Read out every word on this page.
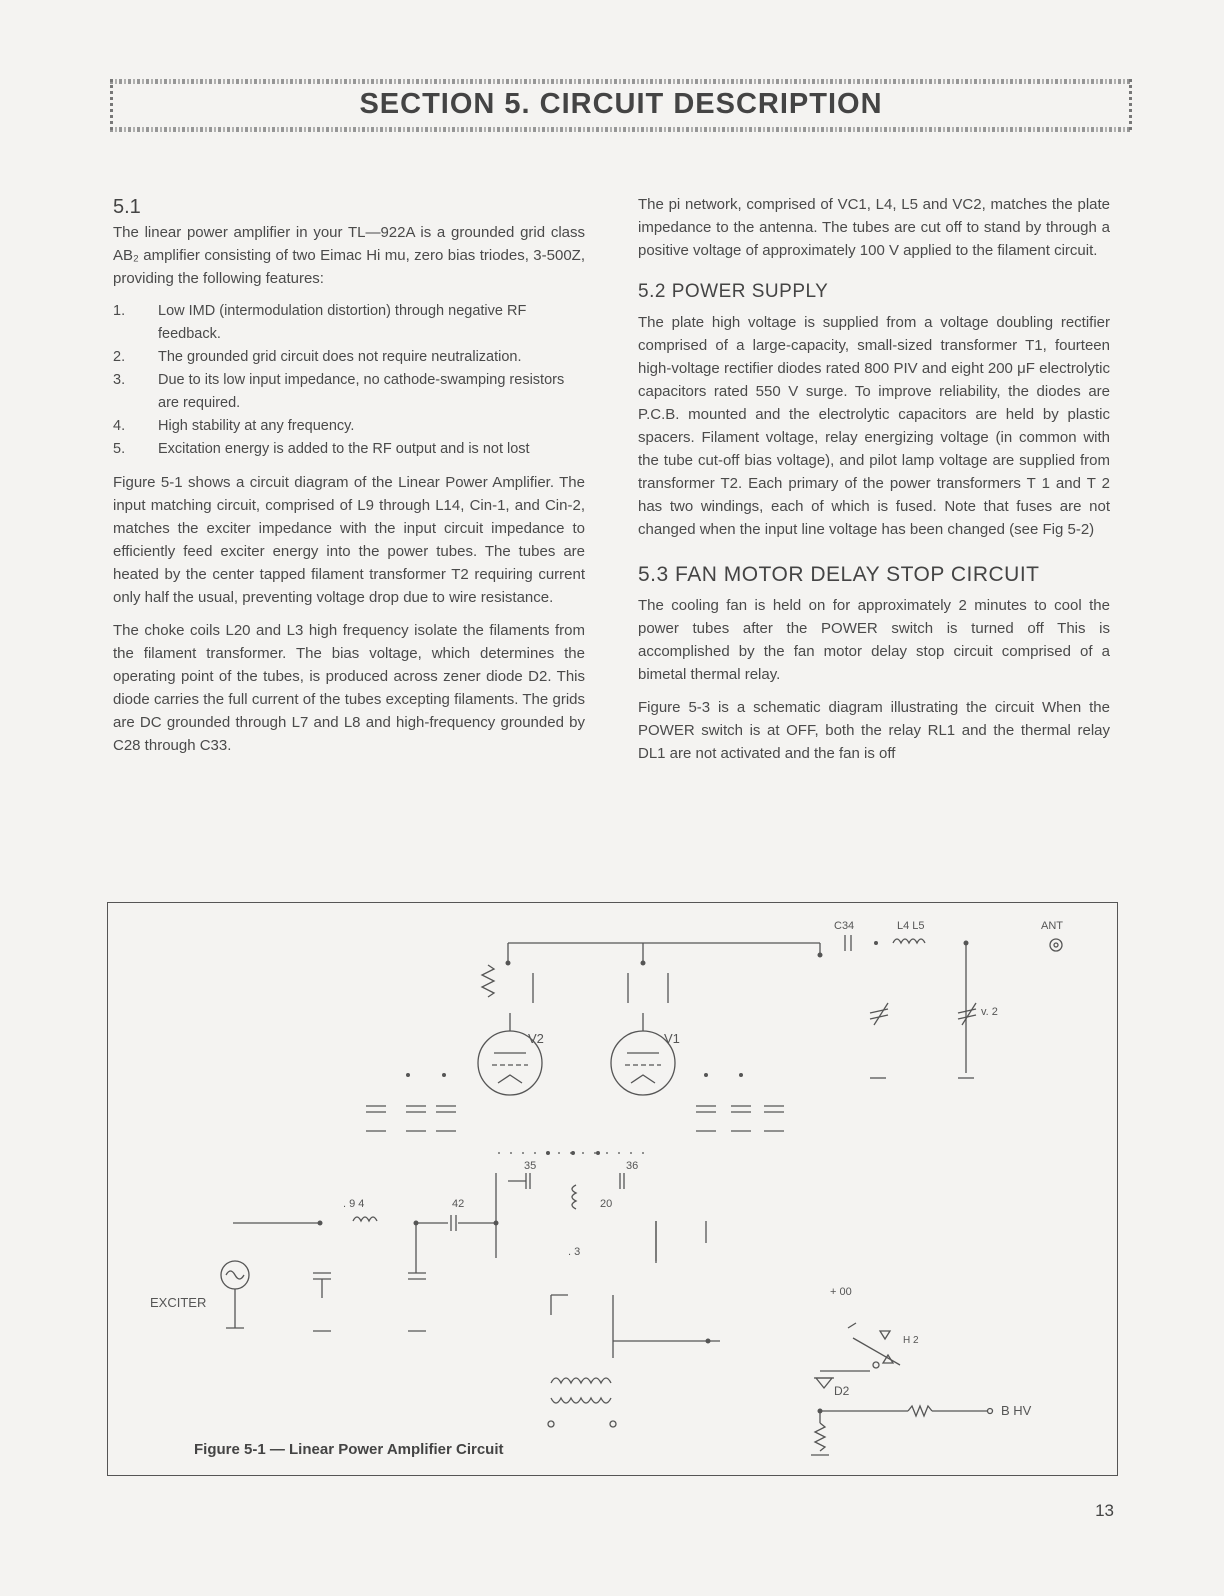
SECTION 5. CIRCUIT DESCRIPTION
5.1

The linear power amplifier in your TL—922A is a grounded grid class AB₂ amplifier consisting of two Eimac Hi mu, zero bias triodes, 3-500Z, providing the following features:

1. Low IMD (intermodulation distortion) through negative RF feedback.
2. The grounded grid circuit does not require neutralization.
3. Due to its low input impedance, no cathode-swamping resistors are required.
4. High stability at any frequency.
5. Excitation energy is added to the RF output and is not lost

Figure 5-1 shows a circuit diagram of the Linear Power Amplifier. The input matching circuit, comprised of L9 through L14, Cin-1, and Cin-2, matches the exciter impedance with the input circuit impedance to efficiently feed exciter energy into the power tubes. The tubes are heated by the center tapped filament transformer T2 requiring current only half the usual, preventing voltage drop due to wire resistance.

The choke coils L20 and L3 high frequency isolate the filaments from the filament transformer. The bias voltage, which determines the operating point of the tubes, is produced across zener diode D2. This diode carries the full current of the tubes excepting filaments. The grids are DC grounded through L7 and L8 and high-frequency grounded by C28 through C33.

The pi network, comprised of VC1, L4, L5 and VC2, matches the plate impedance to the antenna. The tubes are cut off to stand by through a positive voltage of approximately 100 V applied to the filament circuit.

5.2 POWER SUPPLY

The plate high voltage is supplied from a voltage doubling rectifier comprised of a large-capacity, small-sized transformer T1, fourteen high-voltage rectifier diodes rated 800 PIV and eight 200 μF electrolytic capacitors rated 550 V surge. To improve reliability, the diodes are P.C.B. mounted and the electrolytic capacitors are held by plastic spacers. Filament voltage, relay energizing voltage (in common with the tube cut-off bias voltage), and pilot lamp voltage are supplied from transformer T2. Each primary of the power transformers T 1 and T 2 has two windings, each of which is fused. Note that fuses are not changed when the input line voltage has been changed (see Fig 5-2)

5.3 FAN MOTOR DELAY STOP CIRCUIT

The cooling fan is held on for approximately 2 minutes to cool the power tubes after the POWER switch is turned off This is accomplished by the fan motor delay stop circuit comprised of a bimetal thermal relay.

Figure 5-3 is a schematic diagram illustrating the circuit When the POWER switch is at OFF, both the relay RL1 and the thermal relay DL1 are not activated and the fan is off

C34	L4 L5	ANT
V2	V1
v. 2
EXCITER
42
. 9 4
35	36
20
. 3
D2
B HV
+ 00
H 2
Figure 5-1 — Linear Power Amplifier Circuit
13
